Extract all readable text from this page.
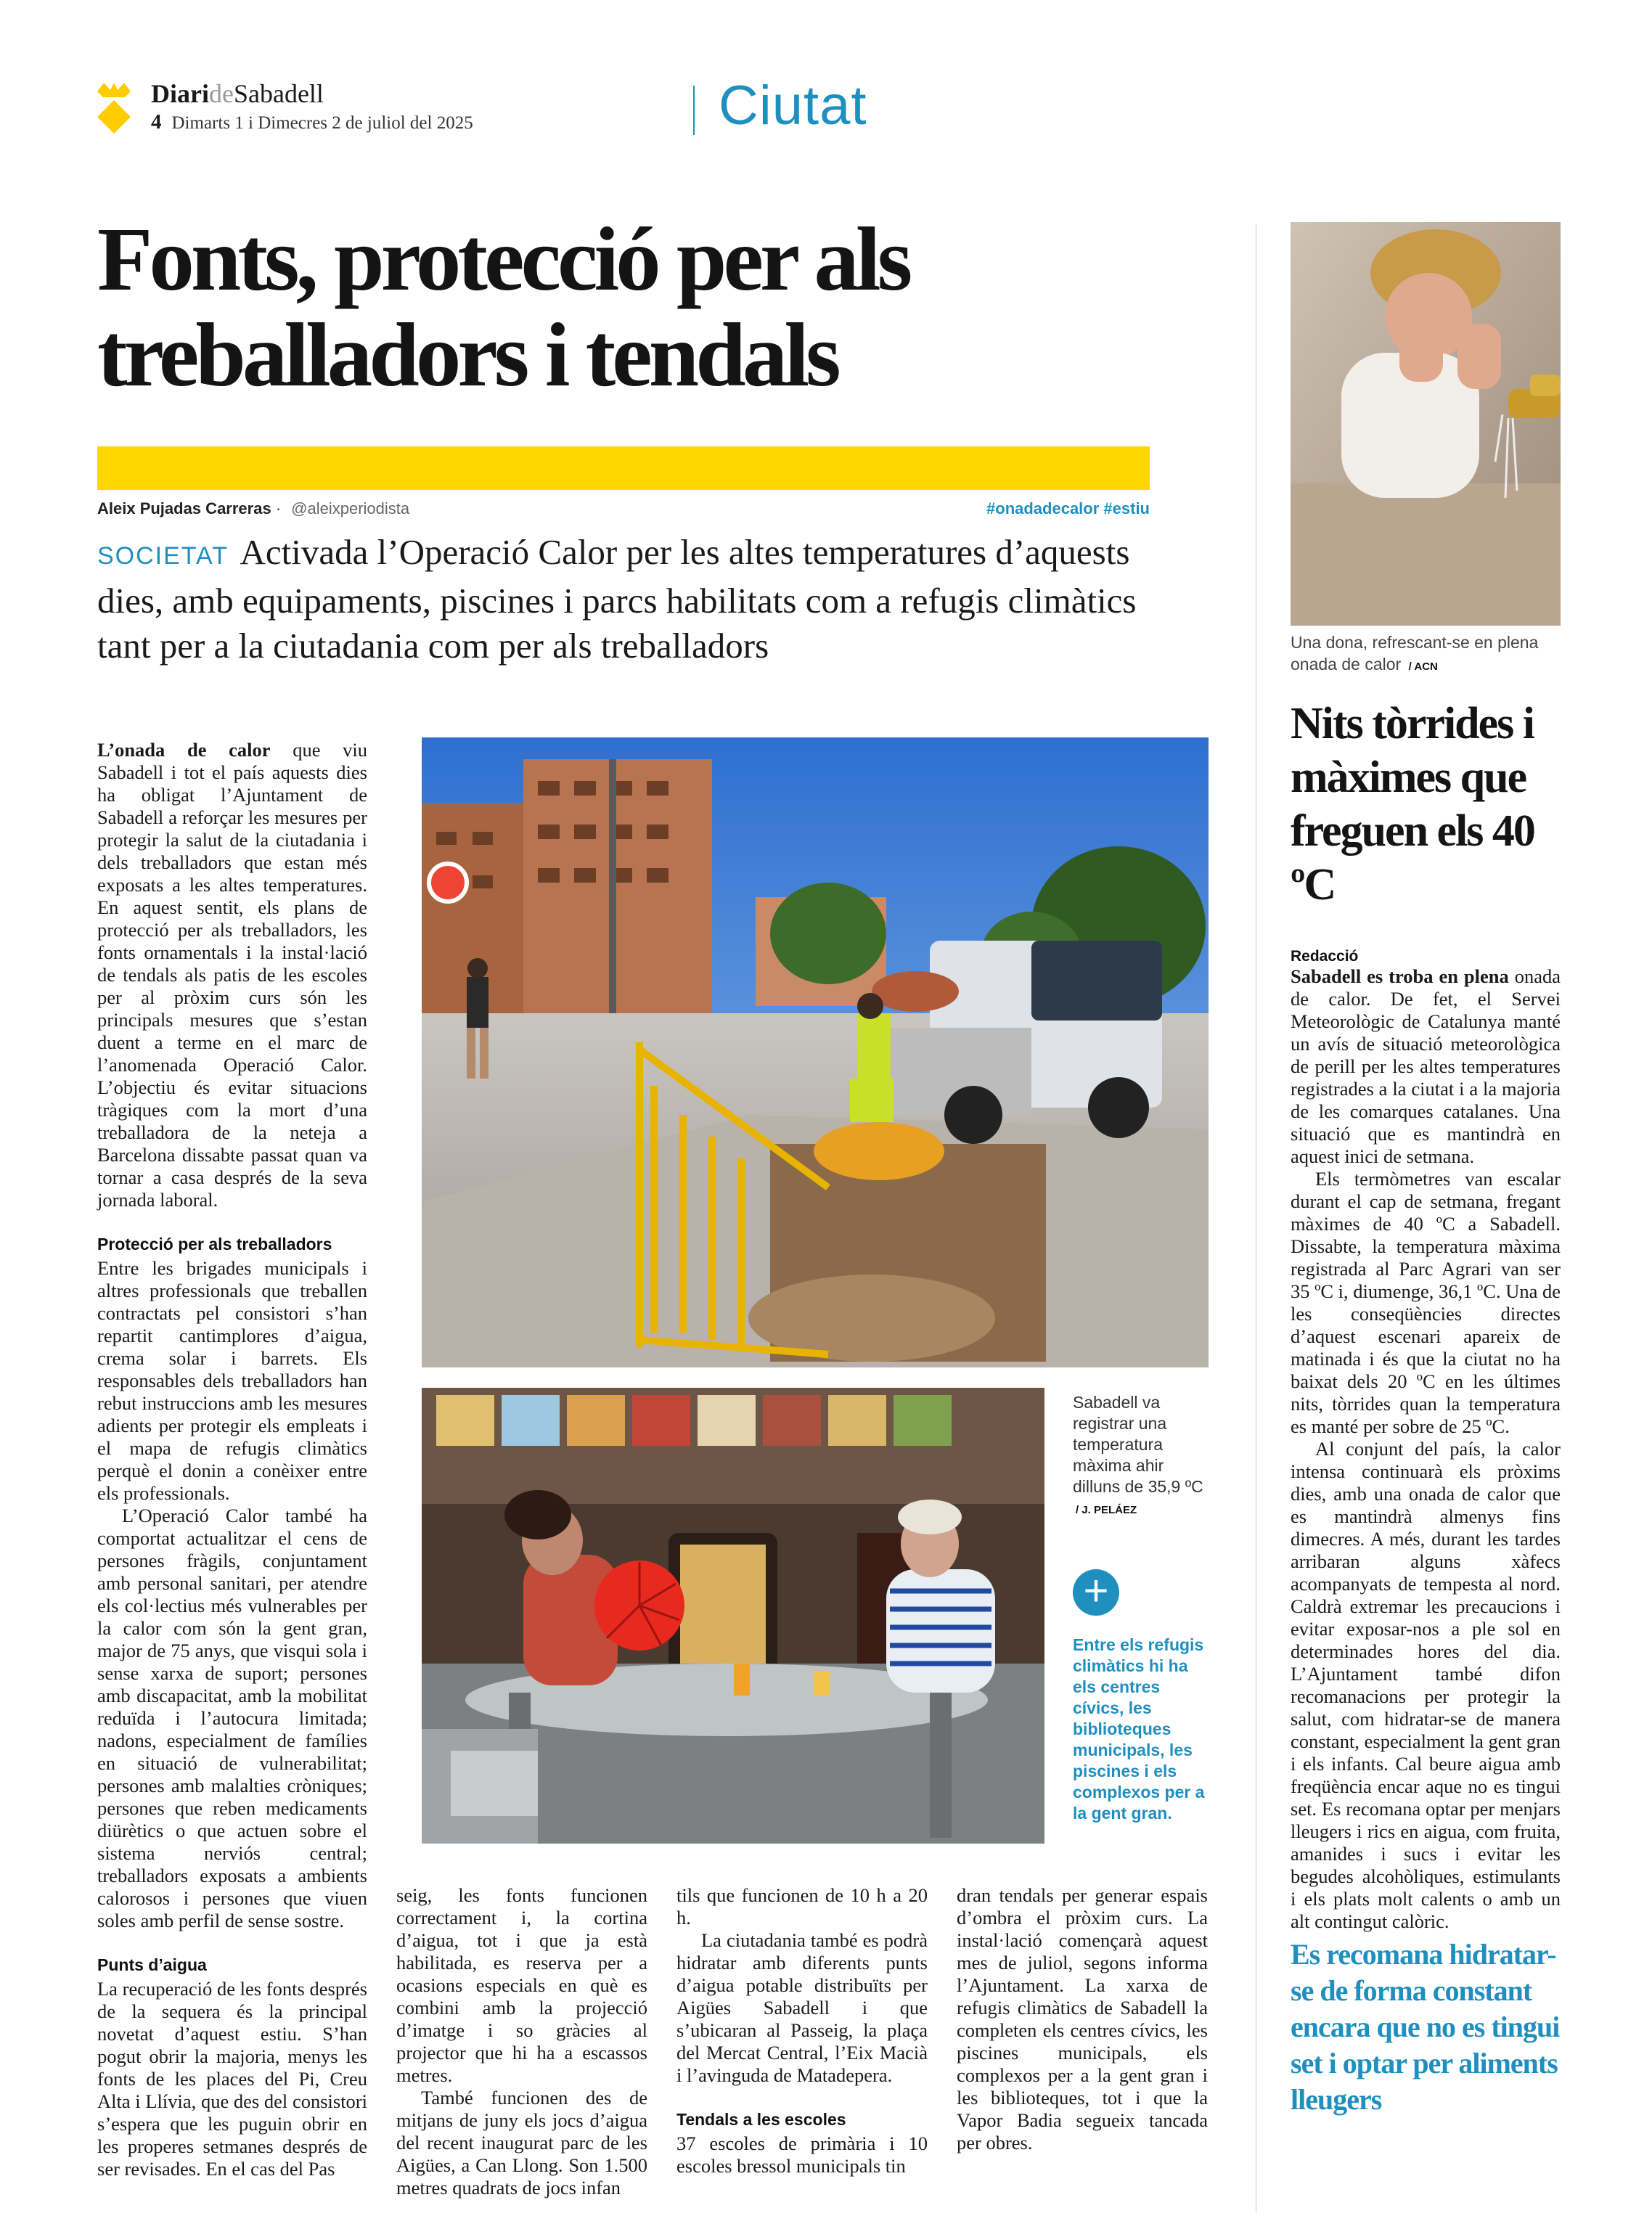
DiarideSabadell
4 Dimarts 1 i Dimecres 2 de juliol del 2025	Ciutat
Fonts, protecció per als treballadors i tendals
Aleix Pujadas Carreras · @aleixperiodista	#onadadecalor #estiu
SOCIETAT Activada l’Operació Calor per les altes temperatures d’aquests dies, amb equipaments, piscines i parcs habilitats com a refugis climàtics tant per a la ciutadania com per als treballadors

L’onada de calor que viu Sabadell i tot el país aquests dies ha obligat l’Ajuntament de Sabadell a reforçar les mesures per protegir la salut de la ciutadania i dels treballadors que estan més exposats a les altes temperatures. En aquest sentit, els plans de protecció per als treballadors, les fonts ornamentals i la instal·lació de tendals als patis de les escoles per al pròxim curs són les principals mesures que s’estan duent a terme en el marc de l’anomenada Operació Calor. L’objectiu és evitar situacions tràgiques com la mort d’una treballadora de la neteja a Barcelona dissabte passat quan va tornar a casa després de la seva jornada laboral.

Protecció per als treballadors

Entre les brigades municipals i altres professionals que treballen contractats pel consistori s’han repartit cantimplores d’aigua, crema solar i barrets. Els responsables dels treballadors han rebut instruccions amb les mesures adients per protegir els empleats i el mapa de refugis climàtics perquè el donin a conèixer entre els professionals.

L’Operació Calor també ha comportat actualitzar el cens de persones fràgils, conjuntament amb personal sanitari, per atendre els col·lectius més vulnerables per la calor com són la gent gran, major de 75 anys, que visqui sola i sense xarxa de suport; persones amb discapacitat, amb la mobilitat reduïda i l’autocura limitada; nadons, especialment de famílies en situació de vulnerabilitat; persones amb malalties cròniques; persones que reben medicaments diürètics o que actuen sobre el sistema nerviós central; treballadors exposats a ambients calorosos i persones que viuen soles amb perfil de sense sostre.

Punts d’aigua

La recuperació de les fonts després de la sequera és la principal novetat d’aquest estiu. S’han pogut obrir la majoria, menys les fonts de les places del Pi, Creu Alta i Llívia, que des del consistori s’espera que les puguin obrir en les properes setmanes després de ser revisades. En el cas del Pas

Sabadell va registrar una temperatura màxima ahir dilluns de 35,9 ºC / J. PELÁEZ
+
Entre els refugis climàtics hi ha els centres cívics, les biblioteques municipals, les piscines i els complexos per a la gent gran.

seig, les fonts funcionen correctament i, la cortina d’aigua, tot i que ja està habilitada, es reserva per a ocasions especials en què es combini amb la projecció d’imatge i so gràcies al projector que hi ha a escassos metres.

També funcionen des de mitjans de juny els jocs d’aigua del recent inaugurat parc de les Aigües, a Can Llong. Son 1.500 metres quadrats de jocs infan

tils que funcionen de 10 h a 20 h.

La ciutadania també es podrà hidratar amb diferents punts d’aigua potable distribuïts per Aigües Sabadell i que s’ubicaran al Passeig, la plaça del Mercat Central, l’Eix Macià i l’avinguda de Matadepera.

Tendals a les escoles

37 escoles de primària i 10 escoles bressol municipals tin

dran tendals per generar espais d’ombra el pròxim curs. La instal·lació començarà aquest mes de juliol, segons informa l’Ajuntament. La xarxa de refugis climàtics de Sabadell la completen els centres cívics, les piscines municipals, els complexos per a la gent gran i les biblioteques, tot i que la Vapor Badia segueix tancada per obres.

Una dona, refrescant-se en plena onada de calor / ACN
Nits tòrrides i màximes que freguen els 40 ºC
Redacció

Sabadell es troba en plena onada de calor. De fet, el Servei Meteorològic de Catalunya manté un avís de situació meteorològica de perill per les altes temperatures registrades a la ciutat i a la majoria de les comarques catalanes. Una situació que es mantindrà en aquest inici de setmana.

Els termòmetres van escalar durant el cap de setmana, fregant màximes de 40 ºC a Sabadell. Dissabte, la temperatura màxima registrada al Parc Agrari van ser 35 ºC i, diumenge, 36,1 ºC. Una de les conseqüències directes d’aquest escenari apareix de matinada i és que la ciutat no ha baixat dels 20 ºC en les últimes nits, tòrrides quan la temperatura es manté per sobre de 25 ºC.

Al conjunt del país, la calor intensa continuarà els pròxims dies, amb una onada de calor que es mantindrà almenys fins dimecres. A més, durant les tardes arribaran alguns xàfecs acompanyats de tempesta al nord. Caldrà extremar les precaucions i evitar exposar-nos a ple sol en determinades hores del dia. L’Ajuntament també difon recomanacions per protegir la salut, com hidratar-se de manera constant, especialment la gent gran i els infants. Cal beure aigua amb freqüència encar aque no es tingui set. Es recomana optar per menjars lleugers i rics en aigua, com fruita, amanides i sucs i evitar les begudes alcohòliques, estimulants i els plats molt calents o amb un alt contingut calòric.

Es recomana hidratar-se de forma constant encara que no es tingui set i optar per aliments lleugers
